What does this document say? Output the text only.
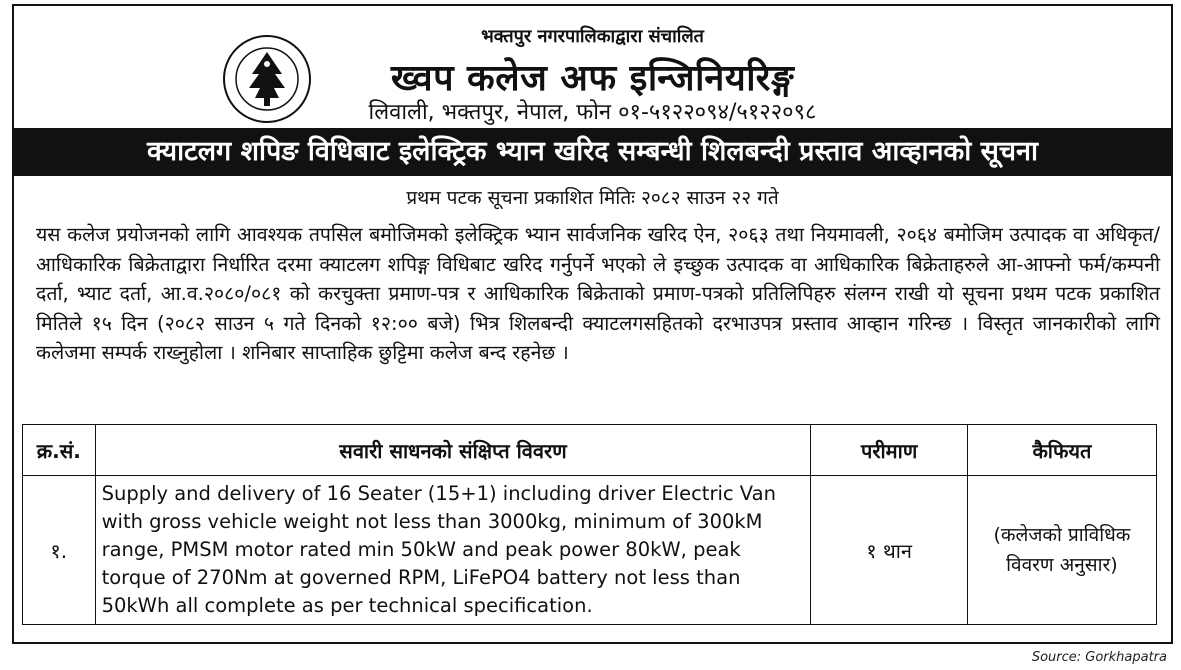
भक्तपुर नगरपालिकाद्वारा संचालित
ख्वप कलेज अफ इन्जिनियरिङ्ग
लिवाली, भक्तपुर, नेपाल, फोन ०१-५१२२०९४/५१२२०९८
क्याटलग शपिङ विधिबाट इलेक्ट्रिक भ्यान खरिद सम्बन्धी शिलबन्दी प्रस्ताव आव्हानको सूचना
प्रथम पटक सूचना प्रकाशित मितिः २०८२ साउन २२ गते
यस कलेज प्रयोजनको लागि आवश्यक तपसिल बमोजिमको इलेक्ट्रिक भ्यान सार्वजनिक खरिद ऐन, २०६३ तथा नियमावली, २०६४ बमोजिम उत्पादक वा अधिकृत/आधिकारिक बिक्रेताद्वारा निर्धारित दरमा क्याटलग शपिङ्ग विधिबाट खरिद गर्नुपर्ने भएको ले इच्छुक उत्पादक वा आधिकारिक बिक्रेताहरुले आ-आफ्नो फर्म/कम्पनी दर्ता, भ्याट दर्ता, आ.व.२०८०/०८१ को करचुक्ता प्रमाण-पत्र र आधिकारिक बिक्रेताको प्रमाण-पत्रको प्रतिलिपिहरु संलग्न राखी यो सूचना प्रथम पटक प्रकाशित मितिले १५ दिन (२०८२ साउन ५ गते दिनको १२:०० बजे) भित्र शिलबन्दी क्याटलगसहितको दरभाउपत्र प्रस्ताव आव्हान गरिन्छ । विस्तृत जानकारीको लागि कलेजमा सम्पर्क राख्नुहोला । शनिबार साप्ताहिक छुट्टिमा कलेज बन्द रहनेछ ।
क्र.सं.	सवारी साधनको संक्षिप्त विवरण	परीमाण	कैफियत
१.	Supply and delivery of 16 Seater (15+1) including driver Electric Van with gross vehicle weight not less than 3000kg, minimum of 300kM range, PMSM motor rated min 50kW and peak power 80kW, peak torque of 270Nm at governed RPM, LiFePO4 battery not less than 50kWh all complete as per technical specification.	१ थान	(कलेजको प्राविधिक विवरण अनुसार)
Source: Gorkhapatra
